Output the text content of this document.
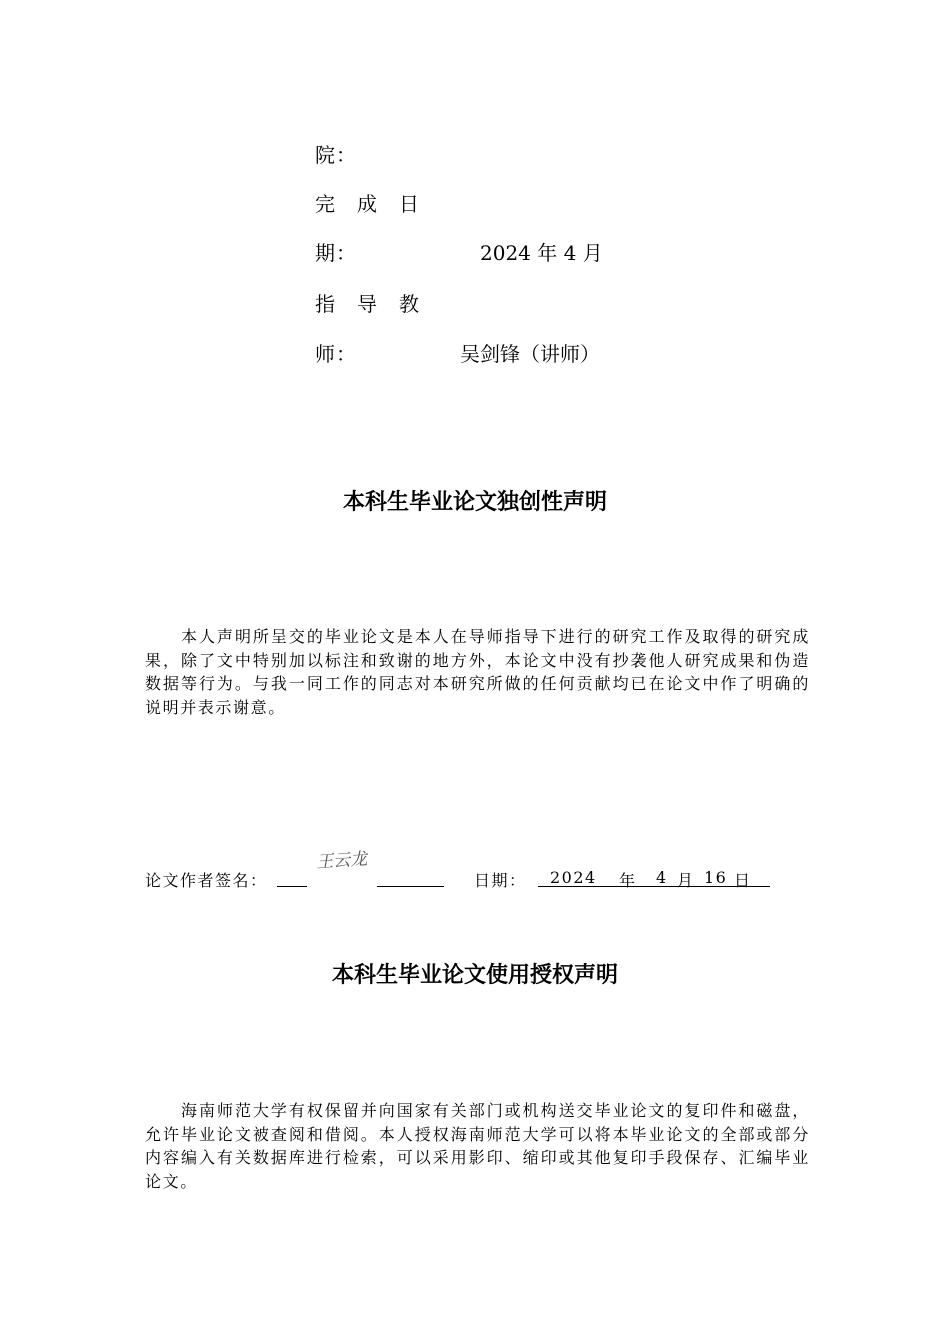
院：
完　成　日
期：	2024 年 4 月
指　导　教
师：	吴剑锋（讲师）
本科生毕业论文独创性声明

本人声明所呈交的毕业论文是本人在导师指导下进行的研究工作及取得的研究成果，除了文中特别加以标注和致谢的地方外，本论文中没有抄袭他人研究成果和伪造数据等行为。与我一同工作的同志对本研究所做的任何贡献均已在论文中作了明确的说明并表示谢意。

论文作者签名：
王云龙
日期： 2024 年 4 月 16 日
本科生毕业论文使用授权声明

海南师范大学有权保留并向国家有关部门或机构送交毕业论文的复印件和磁盘，允许毕业论文被查阅和借阅。本人授权海南师范大学可以将本毕业论文的全部或部分内容编入有关数据库进行检索，可以采用影印、缩印或其他复印手段保存、汇编毕业论文。
